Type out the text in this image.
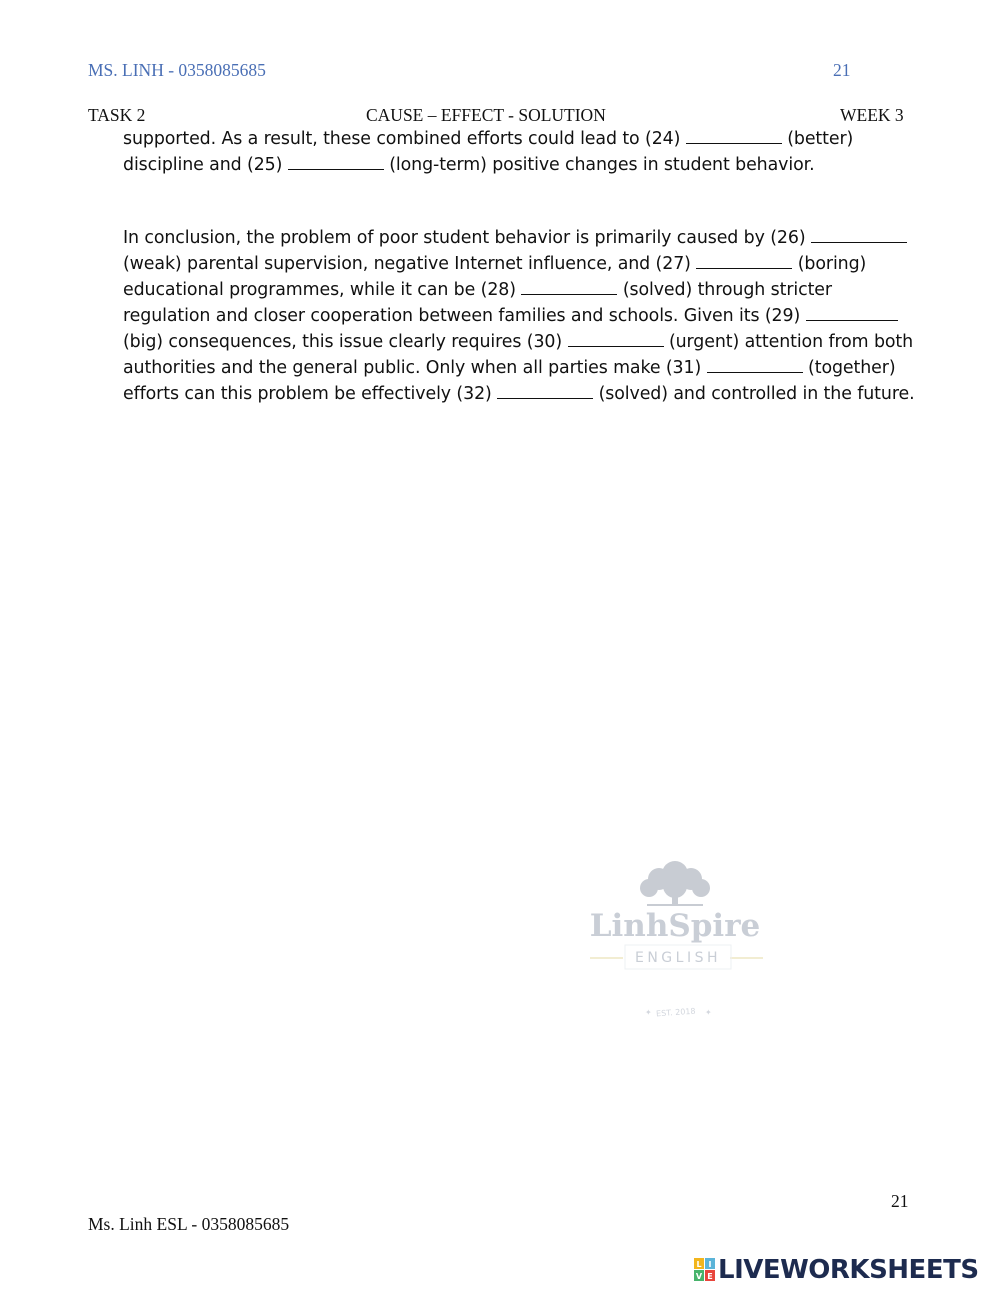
MS. LINH - 0358085685	21
TASK 2	CAUSE – EFFECT - SOLUTION	WEEK 3
supported. As a result, these combined efforts could lead to (24)	(better)
discipline and (25)	(long-term) positive changes in student behavior.
In conclusion, the problem of poor student behavior is primarily caused by (26)
(weak) parental supervision, negative Internet influence, and (27)	(boring)
educational programmes, while it can be (28)	(solved) through stricter
regulation and closer cooperation between families and schools. Given its (29)
(big) consequences, this issue clearly requires (30)	(urgent) attention from both
authorities and the general public. Only when all parties make (31)	(together)
efforts can this problem be effectively (32)	(solved) and controlled in the future.
LinhSpire
ENGLISH
✦	✦
EST. 2018
21
Ms. Linh ESL - 0358085685
L I
V E LIVEWORKSHEETS
